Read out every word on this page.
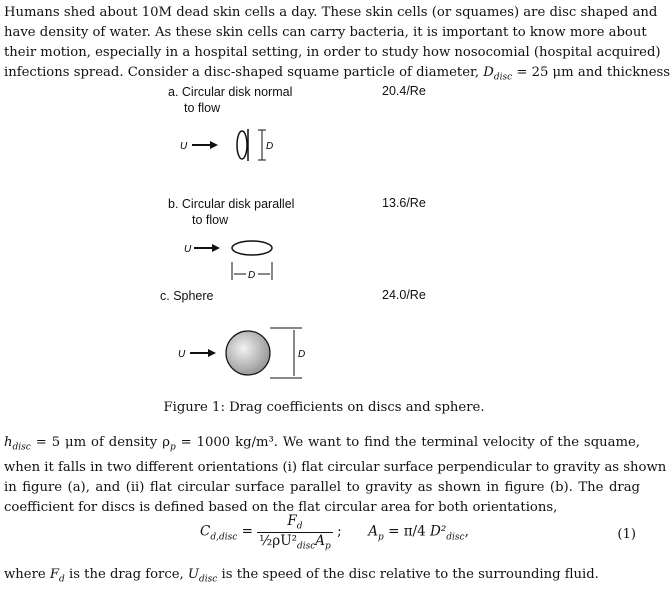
Humans shed about 10M dead skin cells a day. These skin cells (or squames) are disc shaped and
have density of water. As these skin cells can carry bacteria, it is important to know more about
their motion, especially in a hospital setting, in order to study how nosocomial (hospital acquired)
infections spread. Consider a disc-shaped squame particle of diameter, $D_{disc} = 25$ μm and thickness
a. Circular disk normal
to flow
20.4/Re
U	D
b. Circular disk parallel
to flow
13.6/Re
U
D
c. Sphere	24.0/Re
U	D
Figure 1: Drag coefficients on discs and sphere.
$h_{disc} = 5$ μm of density $\rho_p = 1000$ kg/m³. We want to find the terminal velocity of the squame,
when it falls in two different orientations (i) flat circular surface perpendicular to gravity as shown
in figure (a), and (ii) flat circular surface parallel to gravity as shown in figure (b). The drag
coefficient for discs is defined based on the flat circular area for both orientations,
$C_{d,disc} = \frac{F_d}{\frac{1}{2}\rho U^2_{disc}A_p}$ ; $A_p = \pi/4$ $D^2_{disc}$,	(1)
where $F_d$ is the drag force, $U_{disc}$ is the speed of the disc relative to the surrounding fluid.
